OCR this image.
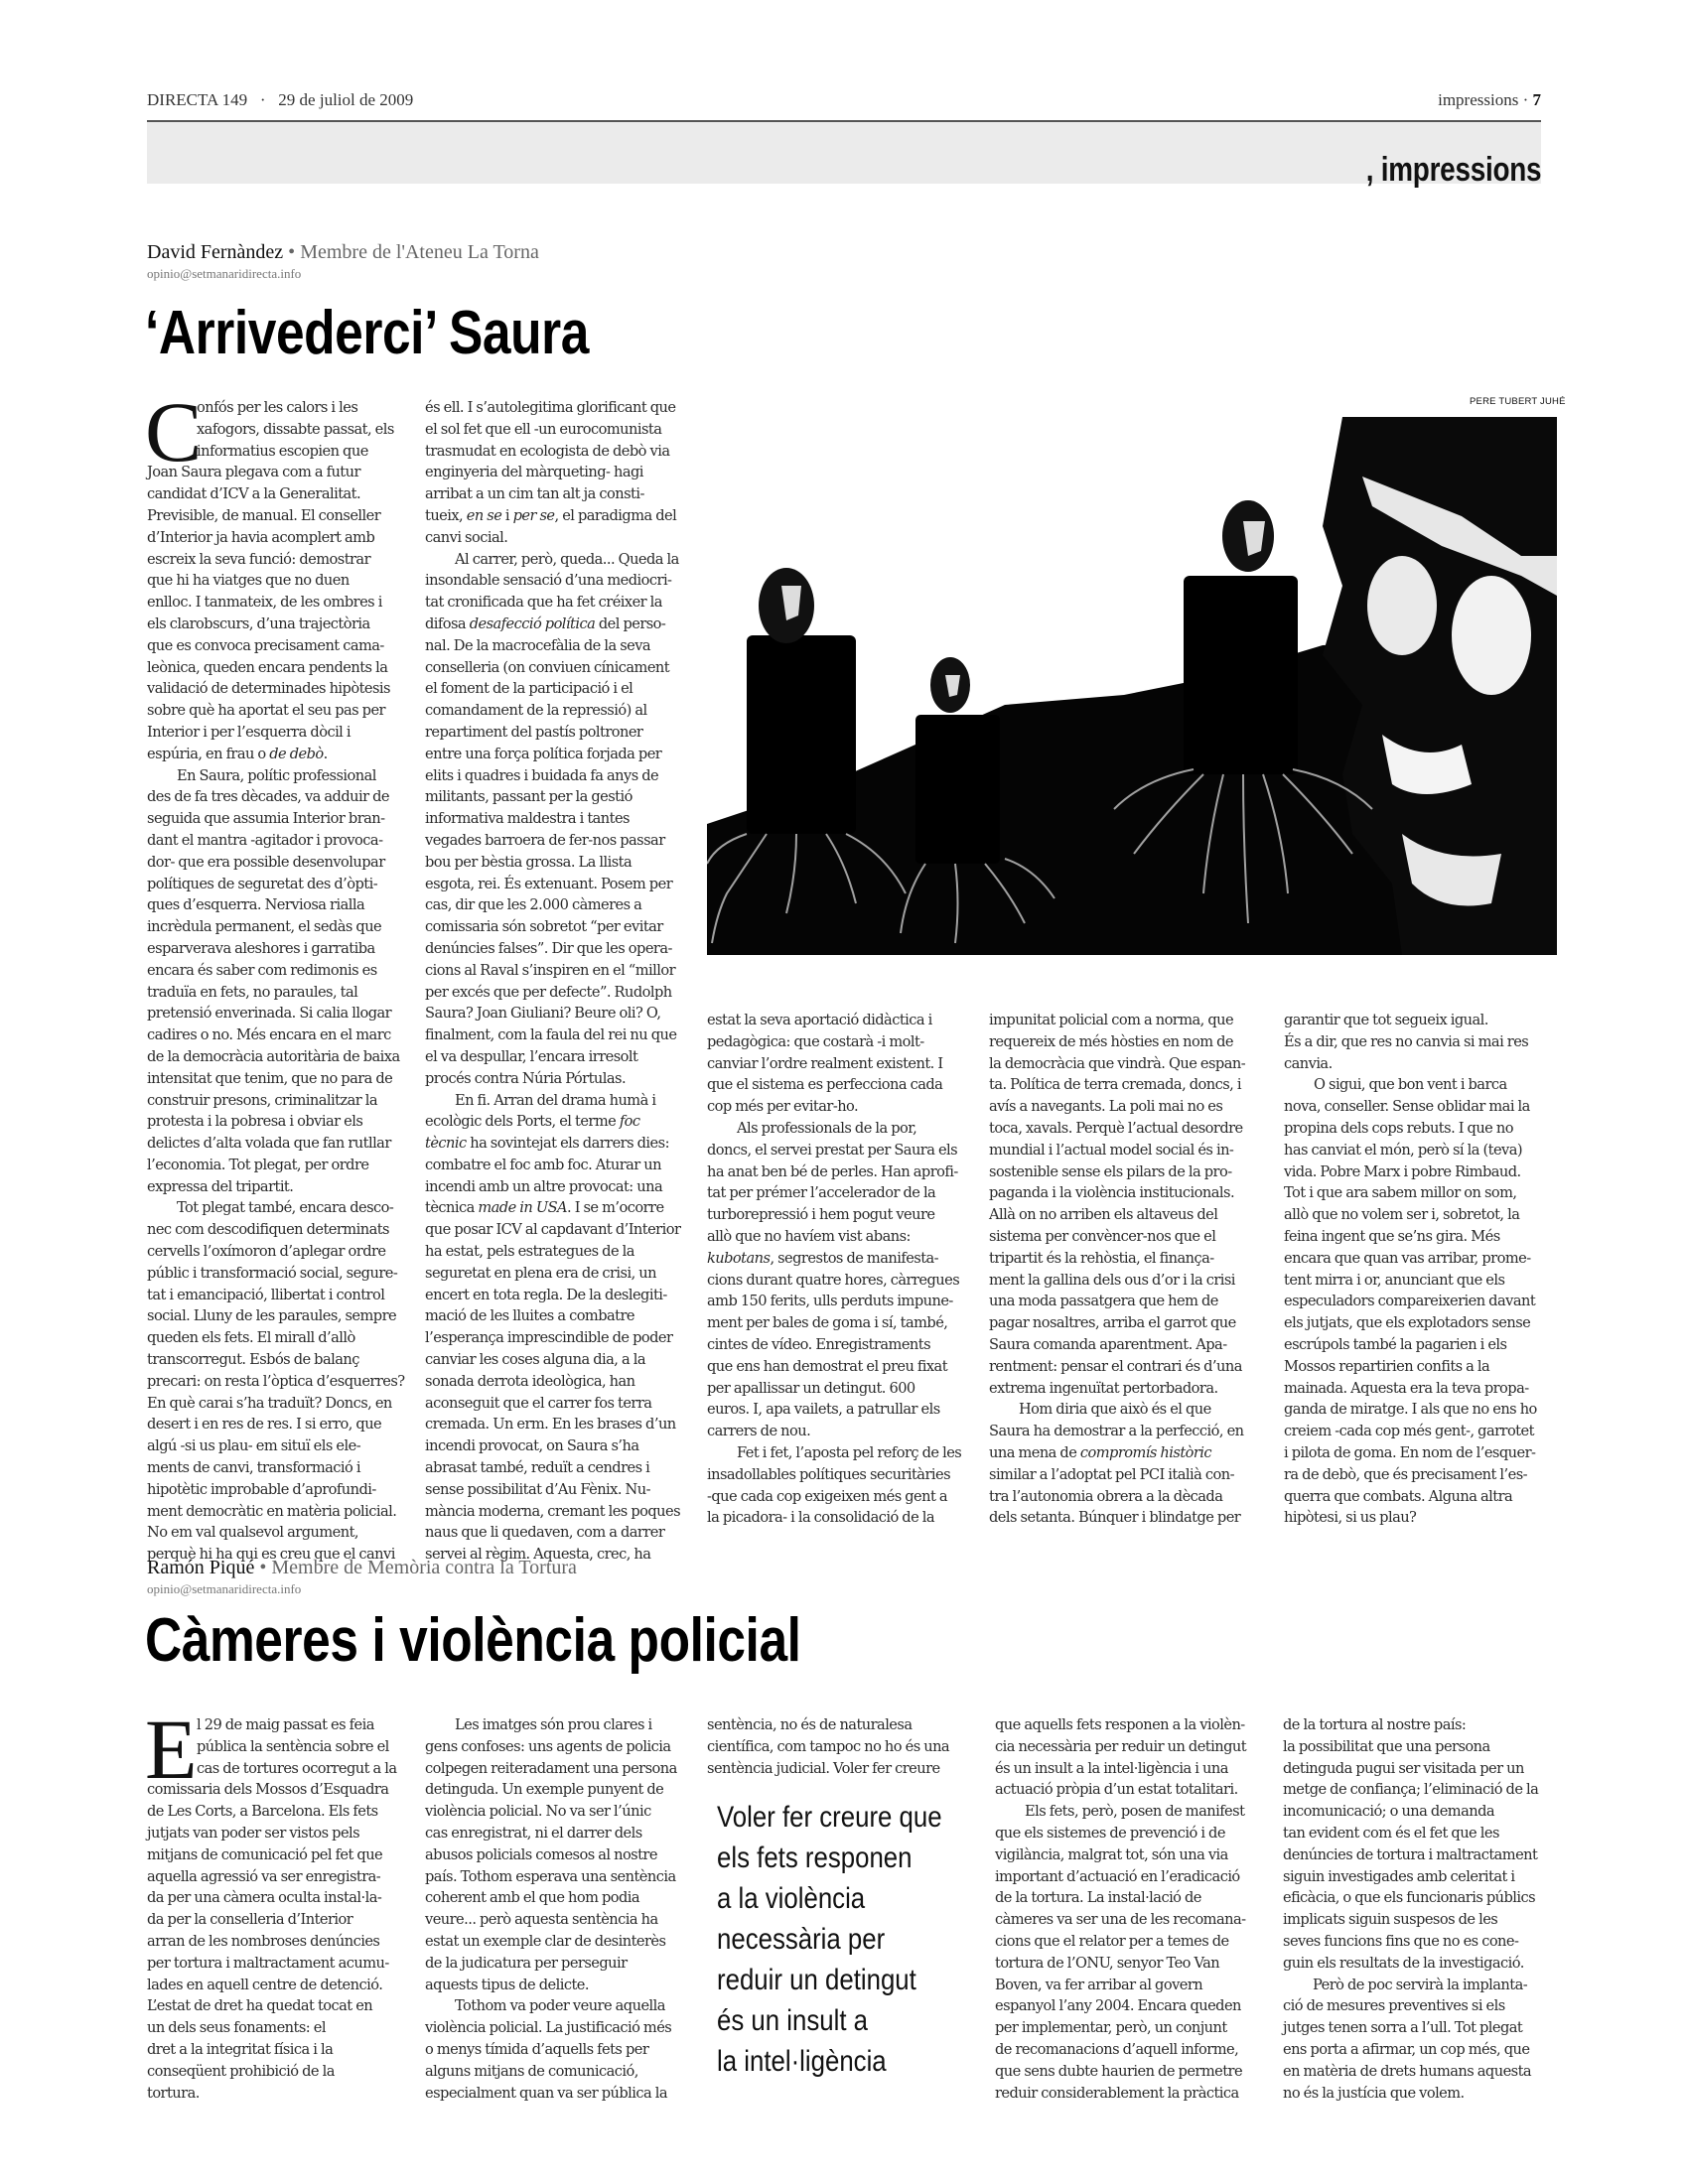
DIRECTA 149 · 29 de juliol de 2009	impressions · 7
, impressions
David Fernàndez • Membre de l'Ateneu La Torna
opinio@setmanaridirecta.info
‘Arrivederci’ Saura
C
onfós per les calors i les
xafogors, dissabte passat, els
informatius escopien que
Joan Saura plegava com a futur
candidat d’ICV a la Generalitat.
Previsible, de manual. El conseller
d’Interior ja havia acomplert amb
escreix la seva funció: demostrar
que hi ha viatges que no duen
enlloc. I tanmateix, de les ombres i
els clarobscurs, d’una trajectòria
que es convoca precisament cama-
leònica, queden encara pendents la
validació de determinades hipòtesis
sobre què ha aportat el seu pas per
Interior i per l’esquerra dòcil i
espúria, en frau o de debò.
En Saura, polític professional
des de fa tres dècades, va adduir de
seguida que assumia Interior bran-
dant el mantra -agitador i provoca-
dor- que era possible desenvolupar
polítiques de seguretat des d’òpti-
ques d’esquerra. Nerviosa rialla
incrèdula permanent, el sedàs que
esparverava aleshores i garratiba
encara és saber com redimonis es
traduïa en fets, no paraules, tal
pretensió enverinada. Si calia llogar
cadires o no. Més encara en el marc
de la democràcia autoritària de baixa
intensitat que tenim, que no para de
construir presons, criminalitzar la
protesta i la pobresa i obviar els
delictes d’alta volada que fan rutllar
l’economia. Tot plegat, per ordre
expressa del tripartit.
Tot plegat també, encara desco-
nec com descodifiquen determinats
cervells l’oxímoron d’aplegar ordre
públic i transformació social, segure-
tat i emancipació, llibertat i control
social. Lluny de les paraules, sempre
queden els fets. El mirall d’allò
transcorregut. Esbós de balanç
precari: on resta l’òptica d’esquerres?
En què carai s’ha traduït? Doncs, en
desert i en res de res. I si erro, que
algú -si us plau- em situï els ele-
ments de canvi, transformació i
hipotètic improbable d’aprofundi-
ment democràtic en matèria policial.
No em val qualsevol argument,
perquè hi ha qui es creu que el canvi
és ell. I s’autolegitima glorificant que
el sol fet que ell -un eurocomunista
trasmudat en ecologista de debò via
enginyeria del màrqueting- hagi
arribat a un cim tan alt ja consti-
tueix, en se i per se, el paradigma del
canvi social.
Al carrer, però, queda... Queda la
insondable sensació d’una mediocri-
tat cronificada que ha fet créixer la
difosa desafecció política del perso-
nal. De la macrocefàlia de la seva
conselleria (on conviuen cínicament
el foment de la participació i el
comandament de la repressió) al
repartiment del pastís poltroner
entre una força política forjada per
elits i quadres i buidada fa anys de
militants, passant per la gestió
informativa maldestra i tantes
vegades barroera de fer-nos passar
bou per bèstia grossa. La llista
esgota, rei. És extenuant. Posem per
cas, dir que les 2.000 càmeres a
comissaria són sobretot “per evitar
denúncies falses”. Dir que les opera-
cions al Raval s’inspiren en el “millor
per excés que per defecte”. Rudolph
Saura? Joan Giuliani? Beure oli? O,
finalment, com la faula del rei nu que
el va despullar, l’encara irresolt
procés contra Núria Pórtulas.
En fi. Arran del drama humà i
ecològic dels Ports, el terme foc
tècnic ha sovintejat els darrers dies:
combatre el foc amb foc. Aturar un
incendi amb un altre provocat: una
tècnica made in USA. I se m’ocorre
que posar ICV al capdavant d’Interior
ha estat, pels estrategues de la
seguretat en plena era de crisi, un
encert en tota regla. De la deslegiti-
mació de les lluites a combatre
l’esperança imprescindible de poder
canviar les coses alguna dia, a la
sonada derrota ideològica, han
aconseguit que el carrer fos terra
cremada. Un erm. En les brases d’un
incendi provocat, on Saura s’ha
abrasat també, reduït a cendres i
sense possibilitat d’Au Fènix. Nu-
mància moderna, cremant les poques
naus que li quedaven, com a darrer
servei al règim. Aquesta, crec, ha
estat la seva aportació didàctica i
pedagògica: que costarà -i molt-
canviar l’ordre realment existent. I
que el sistema es perfecciona cada
cop més per evitar-ho.
Als professionals de la por,
doncs, el servei prestat per Saura els
ha anat ben bé de perles. Han aprofi-
tat per prémer l’accelerador de la
turborepressió i hem pogut veure
allò que no havíem vist abans:
kubotans, segrestos de manifesta-
cions durant quatre hores, càrregues
amb 150 ferits, ulls perduts impune-
ment per bales de goma i sí, també,
cintes de vídeo. Enregistraments
que ens han demostrat el preu fixat
per apallissar un detingut. 600
euros. I, apa vailets, a patrullar els
carrers de nou.
Fet i fet, l’aposta pel reforç de les
insadollables polítiques securitàries
-que cada cop exigeixen més gent a
la picadora- i la consolidació de la
impunitat policial com a norma, que
requereix de més hòsties en nom de
la democràcia que vindrà. Que espan-
ta. Política de terra cremada, doncs, i
avís a navegants. La poli mai no es
toca, xavals. Perquè l’actual desordre
mundial i l’actual model social és in-
sostenible sense els pilars de la pro-
paganda i la violència institucionals.
Allà on no arriben els altaveus del
sistema per convèncer-nos que el
tripartit és la rehòstia, el finança-
ment la gallina dels ous d’or i la crisi
una moda passatgera que hem de
pagar nosaltres, arriba el garrot que
Saura comanda aparentment. Apa-
rentment: pensar el contrari és d’una
extrema ingenuïtat pertorbadora.
Hom diria que això és el que
Saura ha demostrar a la perfecció, en
una mena de compromís històric
similar a l’adoptat pel PCI italià con-
tra l’autonomia obrera a la dècada
dels setanta. Búnquer i blindatge per
garantir que tot segueix igual.
És a dir, que res no canvia si mai res
canvia.
O sigui, que bon vent i barca
nova, conseller. Sense oblidar mai la
propina dels cops rebuts. I que no
has canviat el món, però sí la (teva)
vida. Pobre Marx i pobre Rimbaud.
Tot i que ara sabem millor on som,
allò que no volem ser i, sobretot, la
feina ingent que se’ns gira. Més
encara que quan vas arribar, prome-
tent mirra i or, anunciant que els
especuladors compareixerien davant
els jutjats, que els explotadors sense
escrúpols també la pagarien i els
Mossos repartirien confits a la
mainada. Aquesta era la teva propa-
ganda de miratge. I als que no ens ho
creiem -cada cop més gent-, garrotet
i pilota de goma. En nom de l’esquer-
ra de debò, que és precisament l’es-
querra que combats. Alguna altra
hipòtesi, si us plau?
PERE TUBERT JUHÉ
Ramón Piqué • Membre de Memòria contra la Tortura
opinio@setmanaridirecta.info
Càmeres i violència policial
E l 29 de maig passat es feia
pública la sentència sobre el
cas de tortures ocorregut a la
comissaria dels Mossos d’Esquadra
de Les Corts, a Barcelona. Els fets
jutjats van poder ser vistos pels
mitjans de comunicació pel fet que
aquella agressió va ser enregistra-
da per una càmera oculta instal·la-
da per la conselleria d’Interior
arran de les nombroses denúncies
per tortura i maltractament acumu-
lades en aquell centre de detenció.
L’estat de dret ha quedat tocat en
un dels seus fonaments: el
dret a la integritat física i la
conseqüent prohibició de la
tortura.
Les imatges són prou clares i
gens confoses: uns agents de policia
colpegen reiteradament una persona
detinguda. Un exemple punyent de
violència policial. No va ser l’únic
cas enregistrat, ni el darrer dels
abusos policials comesos al nostre
país. Tothom esperava una sentència
coherent amb el que hom podia
veure... però aquesta sentència ha
estat un exemple clar de desinterès
de la judicatura per perseguir
aquests tipus de delicte.
Tothom va poder veure aquella
violència policial. La justificació més
o menys tímida d’aquells fets per
alguns mitjans de comunicació,
especialment quan va ser pública la
sentència, no és de naturalesa
científica, com tampoc no ho és una
sentència judicial. Voler fer creure
que aquells fets responen a la violèn-
cia necessària per reduir un detingut
és un insult a la intel·ligència i una
actuació pròpia d’un estat totalitari.
Els fets, però, posen de manifest
que els sistemes de prevenció i de
vigilància, malgrat tot, són una via
important d’actuació en l’eradicació
de la tortura. La instal·lació de
càmeres va ser una de les recomana-
cions que el relator per a temes de
tortura de l’ONU, senyor Teo Van
Boven, va fer arribar al govern
espanyol l’any 2004. Encara queden
per implementar, però, un conjunt
de recomanacions d’aquell informe,
que sens dubte haurien de permetre
reduir considerablement la pràctica
de la tortura al nostre país:
la possibilitat que una persona
detinguda pugui ser visitada per un
metge de confiança; l’eliminació de la
incomunicació; o una demanda
tan evident com és el fet que les
denúncies de tortura i maltractament
siguin investigades amb celeritat i
eficàcia, o que els funcionaris públics
implicats siguin suspesos de les
seves funcions fins que no es cone-
guin els resultats de la investigació.
Però de poc servirà la implanta-
ció de mesures preventives si els
jutges tenen sorra a l’ull. Tot plegat
ens porta a afirmar, un cop més, que
en matèria de drets humans aquesta
no és la justícia que volem.
Voler fer creure que
els fets responen
a la violència
necessària per
reduir un detingut
és un insult a
la intel·ligència
